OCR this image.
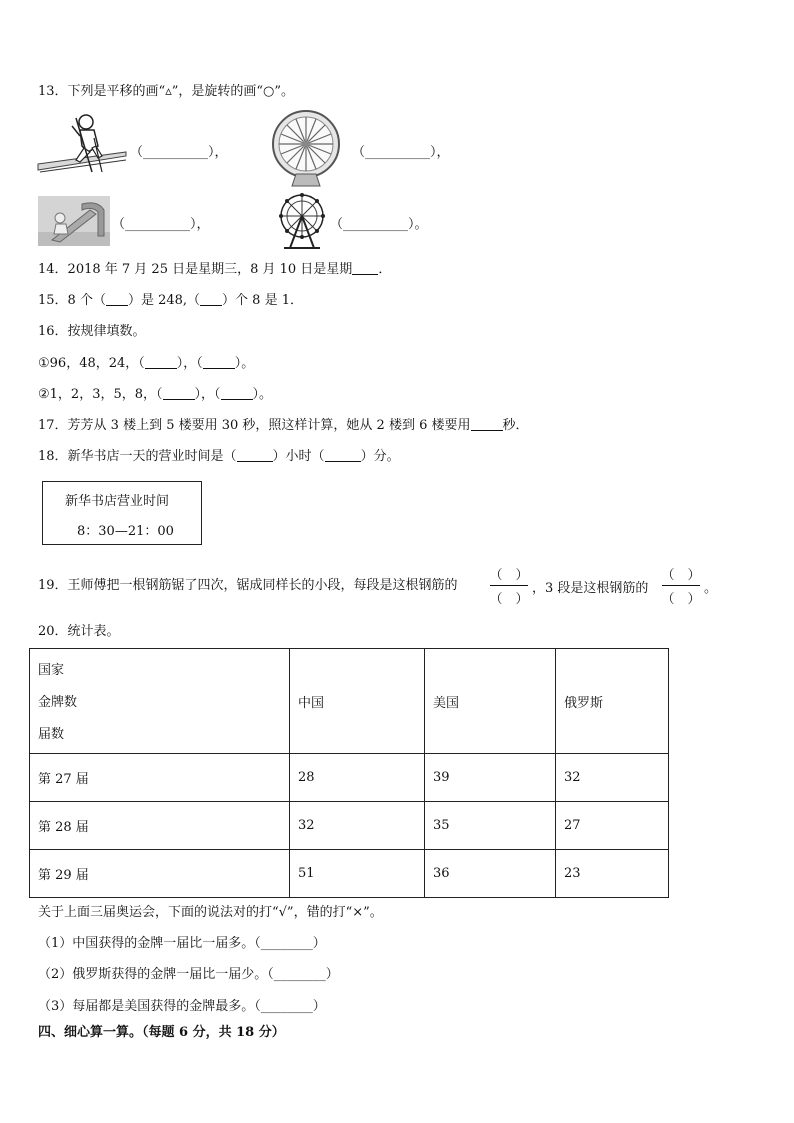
13．下列是平移的画“▵”，是旋转的画“○”。
（__________），	（__________），
（__________），	（__________）。
14．2018 年 7 月 25 日是星期三，8 月 10 日是星期 ．
15．8 个（ ）是 248,（ ）个 8 是 1．
16．按规律填数。
①96，48，24，（ ），（ ）。
②1，2，3，5，8，（ ），（ ）。
17．芳芳从 3 楼上到 5 楼要用 30 秒，照这样计算，她从 2 楼到 6 楼要用 秒．
18．新华书店一天的营业时间是（	）小时（	）分。
新华书店营业时间
8：30—21：00
19．王师傅把一根钢筋锯了四次，锯成同样长的小段，每段是这根钢筋的
（　）
（　）
，3 段是这根钢筋的
（　）
（　）
。
20．统计表。
国家
金牌数
届数	中国	美国	俄罗斯
第 27 届	28	39	32
第 28 届	32	35	27
第 29 届	51	36	23
关于上面三届奥运会，下面的说法对的打“√”，错的打“×”。
（1）中国获得的金牌一届比一届多。（________）
（2）俄罗斯获得的金牌一届比一届少。（________）
（3）每届都是美国获得的金牌最多。（________）
四、细心算一算。（每题 6 分，共 18 分）
